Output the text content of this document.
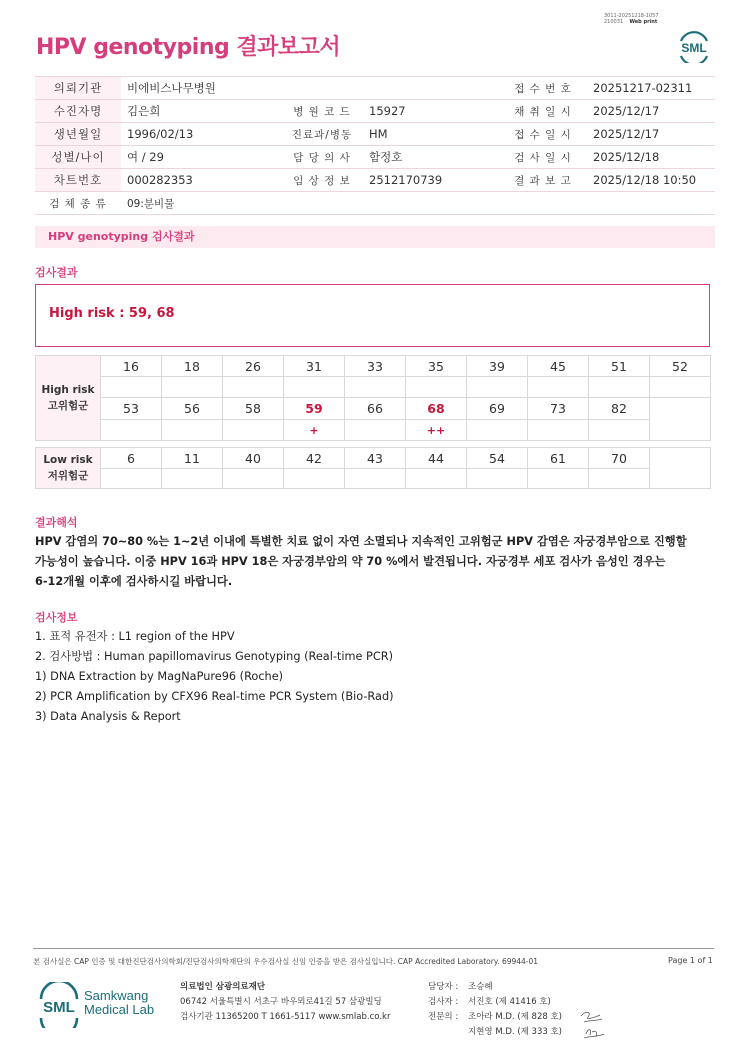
HPV genotyping 결과보고서
3011-20251218-1057
210031 Web print
SML
의뢰기관	비에비스나무병원			접 수 번 호	20251217-02311
수진자명	김은희	병 원 코 드	15927	채 취 일 시	2025/12/17
생년월일	1996/02/13	진료과/병동	HM	접 수 일 시	2025/12/17
성별/나이	여 / 29	담 당 의 사	함정호	검 사 일 시	2025/12/18
차트번호	000282353	임 상 정 보	2512170739	결 과 보 고	2025/12/18 10:50
검 체 종 류	09:분비물				
HPV genotyping 검사결과
검사결과
High risk : 59, 68
High risk
고위험군	16	18	26	31	33	35	39	45	51	52

	53	56	58	59	66	68	69	73	82	
				+		++				
Low risk
저위험군	6	11	40	42	43	44	54	61	70	

결과해석
HPV 감염의 70~80 %는 1~2년 이내에 특별한 치료 없이 자연 소멸되나 지속적인 고위험군 HPV 감염은 자궁경부암으로 진행할
가능성이 높습니다. 이중 HPV 16과 HPV 18은 자궁경부암의 약 70 %에서 발견됩니다. 자궁경부 세포 검사가 음성인 경우는
6-12개월 이후에 검사하시길 바랍니다.
검사정보
1. 표적 유전자 : L1 region of the HPV
2. 검사방법 : Human papillomavirus Genotyping (Real-time PCR)
1) DNA Extraction by MagNaPure96 (Roche)
2) PCR Amplification by CFX96 Real-time PCR System (Bio-Rad)
3) Data Analysis & Report
본 검사실은 CAP 인증 및 대한진단검사의학회/진단검사의학재단의 우수검사실 신임 인증을 받은 검사실입니다. CAP Accredited Laboratory. 69944-01	Page 1 of 1
SML
Samkwang
Medical Lab
의료법인 삼광의료재단
06742 서울특별시 서초구 바우뫼로41길 57 삼광빌딩
검사기관 11365200 T 1661-5117 www.smlab.co.kr
담당자 : 조승혜
검사자 : 서진호 (제 41416 호)
전문의 : 조아라 M.D. (제 828 호)
지현영 M.D. (제 333 호)
